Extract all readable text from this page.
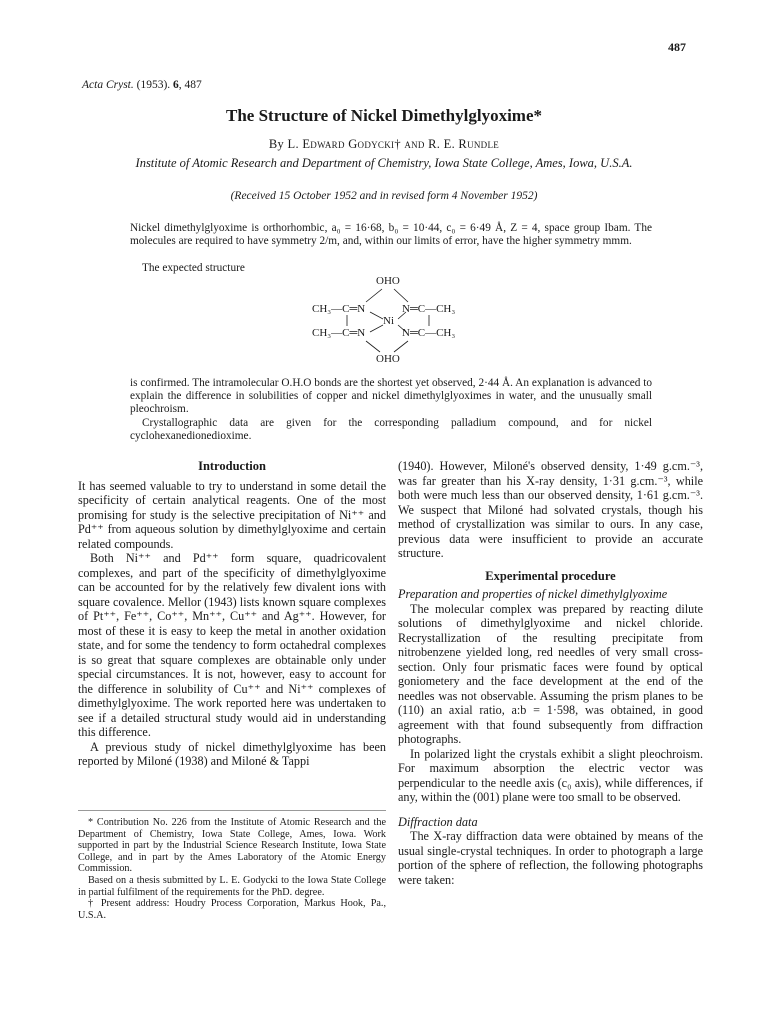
487
Acta Cryst. (1953). 6, 487
The Structure of Nickel Dimethylglyoxime*
By L. Edward Godycki† and R. E. Rundle
Institute of Atomic Research and Department of Chemistry, Iowa State College, Ames, Iowa, U.S.A.
(Received 15 October 1952 and in revised form 4 November 1952)
Nickel dimethylglyoxime is orthorhombic, a₀ = 16·68, b₀ = 10·44, c₀ = 6·49 Å, Z = 4, space group Ibam. The molecules are required to have symmetry 2/m, and, within our limits of error, have the higher symmetry mmm.
The expected structure
OHO
CH₃—C═N	N═C—CH₃
Ni
CH₃—C═N	N═C—CH₃
OHO
is confirmed. The intramolecular O.H.O bonds are the shortest yet observed, 2·44 Å. An explanation is advanced to explain the difference in solubilities of copper and nickel dimethylglyoximes in water, and the unusually small pleochroism.
Crystallographic data are given for the corresponding palladium compound, and for nickel cyclohexanedionedioxime.
Introduction
It has seemed valuable to try to understand in some detail the specificity of certain analytical reagents. One of the most promising for study is the selective precipitation of Ni⁺⁺ and Pd⁺⁺ from aqueous solution by dimethylglyoxime and certain related compounds.
Both Ni⁺⁺ and Pd⁺⁺ form square, quadricovalent complexes, and part of the specificity of dimethylglyoxime can be accounted for by the relatively few divalent ions with square covalence. Mellor (1943) lists known square complexes of Pt⁺⁺, Fe⁺⁺, Co⁺⁺, Mn⁺⁺, Cu⁺⁺ and Ag⁺⁺. However, for most of these it is easy to keep the metal in another oxidation state, and for some the tendency to form octahedral complexes is so great that square complexes are obtainable only under special circumstances. It is not, however, easy to account for the difference in solubility of Cu⁺⁺ and Ni⁺⁺ complexes of dimethylglyoxime. The work reported here was undertaken to see if a detailed structural study would aid in understanding this difference.
A previous study of nickel dimethylglyoxime has been reported by Miloné (1938) and Miloné & Tappi
* Contribution No. 226 from the Institute of Atomic Research and the Department of Chemistry, Iowa State College, Ames, Iowa. Work supported in part by the Industrial Science Research Institute, Iowa State College, and in part by the Ames Laboratory of the Atomic Energy Commission.
Based on a thesis submitted by L. E. Godycki to the Iowa State College in partial fulfilment of the requirements for the PhD. degree.
† Present address: Houdry Process Corporation, Markus Hook, Pa., U.S.A.
(1940). However, Miloné's observed density, 1·49 g.cm.⁻³, was far greater than his X-ray density, 1·31 g.cm.⁻³, while both were much less than our observed density, 1·61 g.cm.⁻³. We suspect that Miloné had solvated crystals, though his method of crystallization was similar to ours. In any case, previous data were insufficient to provide an accurate structure.
Experimental procedure
Preparation and properties of nickel dimethylglyoxime
The molecular complex was prepared by reacting dilute solutions of dimethylglyoxime and nickel chloride. Recrystallization of the resulting precipitate from nitrobenzene yielded long, red needles of very small cross-section. Only four prismatic faces were found by optical goniometery and the face development at the end of the needles was not observable. Assuming the prism planes to be (110) an axial ratio, a:b = 1·598, was obtained, in good agreement with that found subsequently from diffraction photographs.
In polarized light the crystals exhibit a slight pleochroism. For maximum absorption the electric vector was perpendicular to the needle axis (c₀ axis), while differences, if any, within the (001) plane were too small to be observed.
Diffraction data
The X-ray diffraction data were obtained by means of the usual single-crystal techniques. In order to photograph a large portion of the sphere of reflection, the following photographs were taken:
